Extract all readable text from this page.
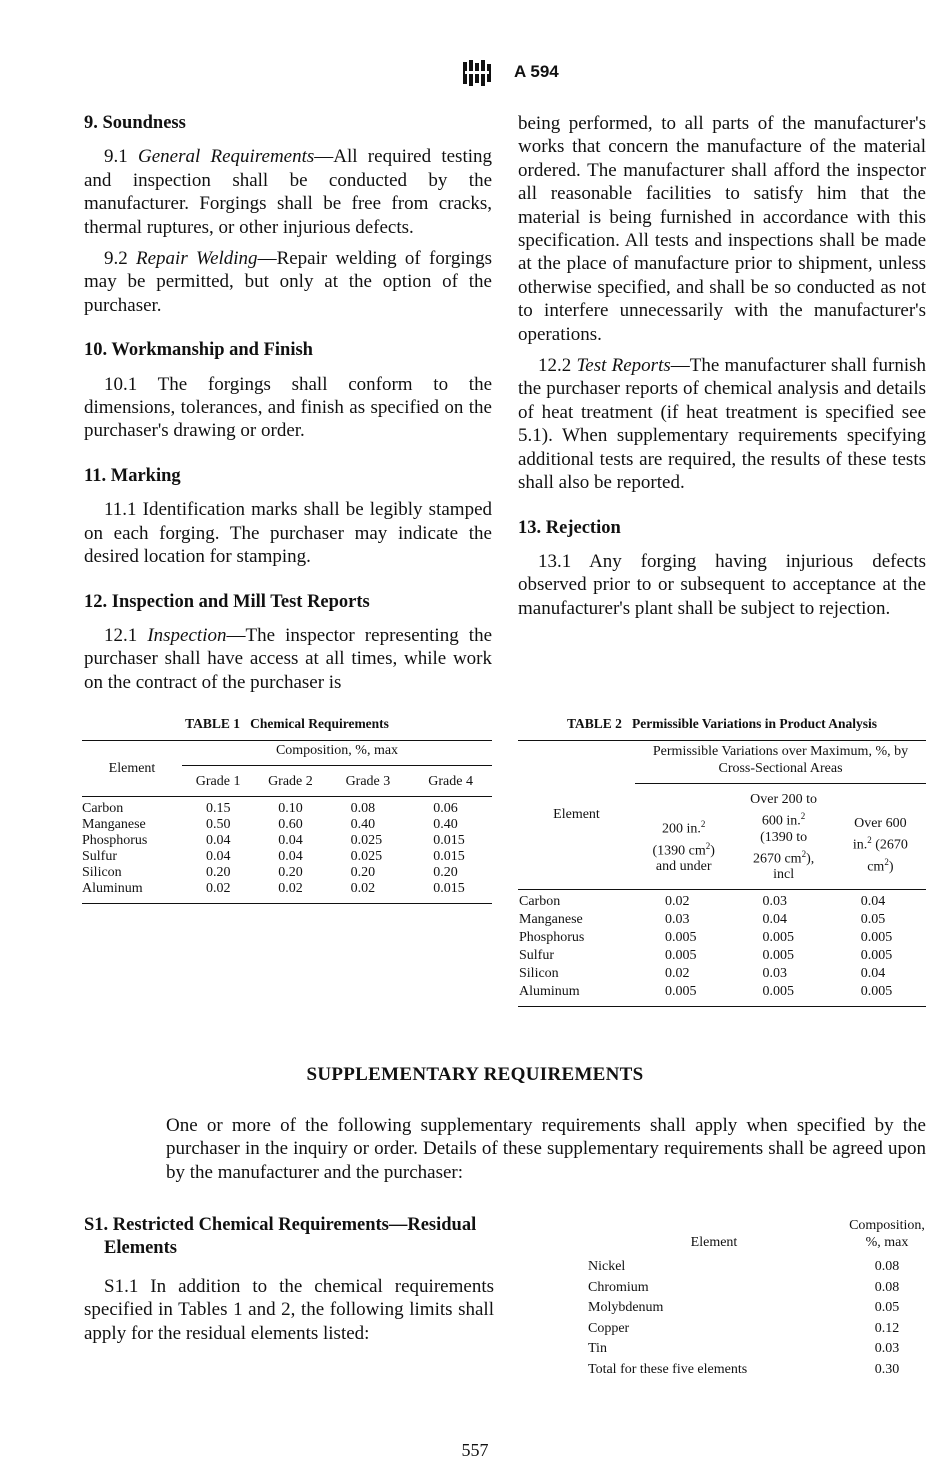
A 594
9. Soundness

9.1 General Requirements—All required testing and inspection shall be conducted by the manufacturer. Forgings shall be free from cracks, thermal ruptures, or other injurious defects.

9.2 Repair Welding—Repair welding of forgings may be permitted, but only at the option of the purchaser.

10. Workmanship and Finish

10.1 The forgings shall conform to the dimensions, tolerances, and finish as specified on the purchaser's drawing or order.

11. Marking

11.1 Identification marks shall be legibly stamped on each forging. The purchaser may indicate the desired location for stamping.

12. Inspection and Mill Test Reports

12.1 Inspection—The inspector representing the purchaser shall have access at all times, while work on the contract of the purchaser is

being performed, to all parts of the manufacturer's works that concern the manufacture of the material ordered. The manufacturer shall afford the inspector all reasonable facilities to satisfy him that the material is being furnished in accordance with this specification. All tests and inspections shall be made at the place of manufacture prior to shipment, unless otherwise specified, and shall be so conducted as not to interfere unnecessarily with the manufacturer's operations.

12.2 Test Reports—The manufacturer shall furnish the purchaser reports of chemical analysis and details of heat treatment (if heat treatment is specified see 5.1). When supplementary requirements specifying additional tests are required, the results of these tests shall also be reported.

13. Rejection

13.1 Any forging having injurious defects observed prior to or subsequent to acceptance at the manufacturer's plant shall be subject to rejection.

TABLE 1 Chemical Requirements
Element	Composition, %, max			
	Grade 1	Grade 2	Grade 3	Grade 4

Carbon	0.15	0.10	0.08	0.06
Manganese	0.50	0.60	0.40	0.40
Phosphorus	0.04	0.04	0.025	0.015
Sulfur	0.04	0.04	0.025	0.015
Silicon	0.20	0.20	0.20	0.20
Aluminum	0.02	0.02	0.02	0.015
TABLE 2 Permissible Variations in Product Analysis
Element	Permissible Variations over Maximum, %, by Cross-Sectional Areas		
	200 in.$^2$
(1390 $cm^2$)
and under	Over 200 to
600 in.$^2$
(1390 to
2670 $cm^2$),
incl	Over 600
in.$^2$ (2670
$cm^2$)

Carbon	0.02	0.03	0.04
Manganese	0.03	0.04	0.05
Phosphorus	0.005	0.005	0.005
Sulfur	0.005	0.005	0.005
Silicon	0.02	0.03	0.04
Aluminum	0.005	0.005	0.005
SUPPLEMENTARY REQUIREMENTS
One or more of the following supplementary requirements shall apply when specified by the purchaser in the inquiry or order. Details of these supplementary requirements shall be agreed upon by the manufacturer and the purchaser:
S1. Restricted Chemical Requirements—Residual Elements

S1.1 In addition to the chemical requirements specified in Tables 1 and 2, the following limits shall apply for the residual elements listed:

Element	Composition,
%, max
Nickel	0.08
Chromium	0.08
Molybdenum	0.05
Copper	0.12
Tin	0.03
Total for these five elements	0.30
557
